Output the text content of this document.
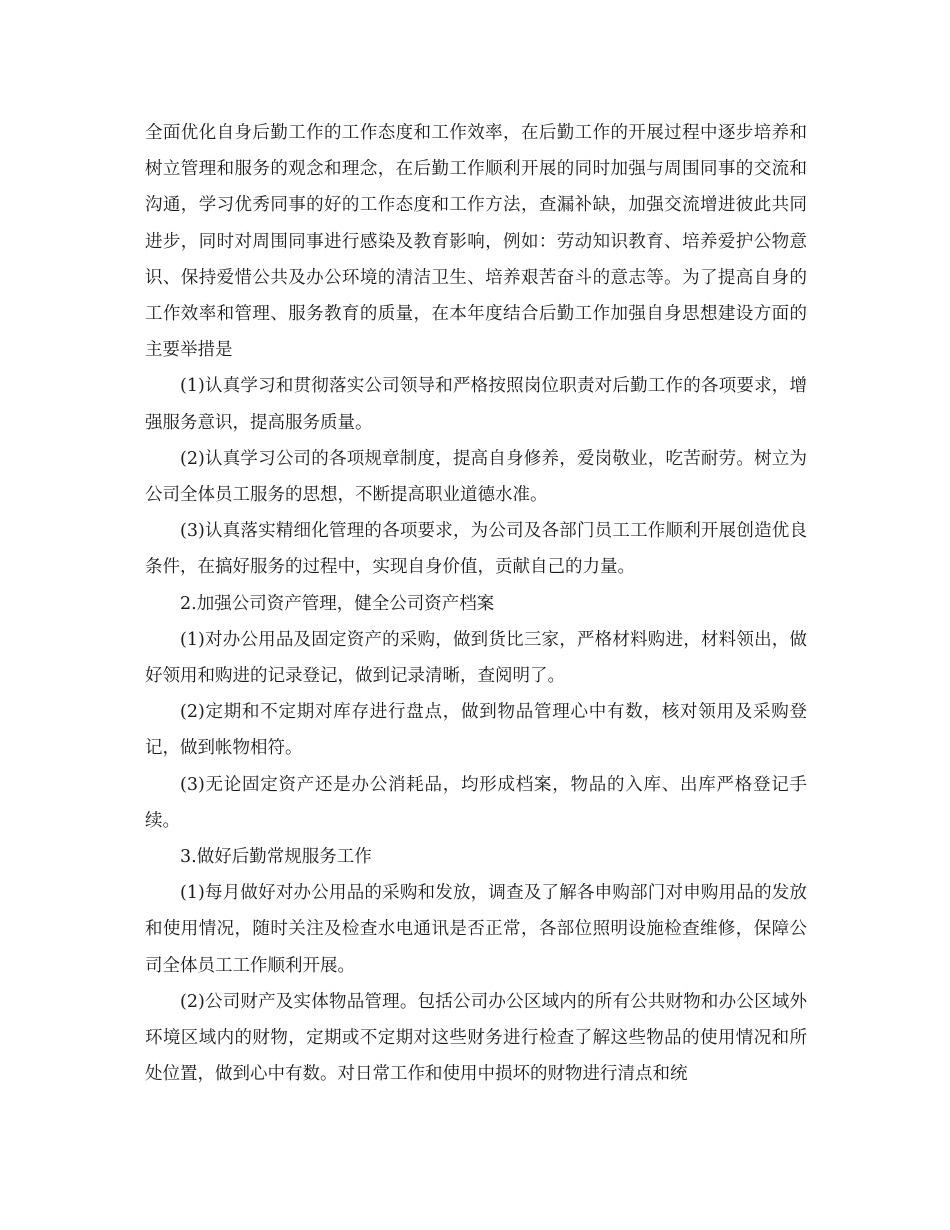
全面优化自身后勤工作的工作态度和工作效率，在后勤工作的开展过程中逐步培养和树立管理和服务的观念和理念，在后勤工作顺利开展的同时加强与周围同事的交流和沟通，学习优秀同事的好的工作态度和工作方法，查漏补缺，加强交流增进彼此共同进步，同时对周围同事进行感染及教育影响，例如：劳动知识教育、培养爱护公物意识、保持爱惜公共及办公环境的清洁卫生、培养艰苦奋斗的意志等。为了提高自身的工作效率和管理、服务教育的质量，在本年度结合后勤工作加强自身思想建设方面的主要举措是

(1)认真学习和贯彻落实公司领导和严格按照岗位职责对后勤工作的各项要求，增强服务意识，提高服务质量。

(2)认真学习公司的各项规章制度，提高自身修养，爱岗敬业，吃苦耐劳。树立为公司全体员工服务的思想，不断提高职业道德水准。

(3)认真落实精细化管理的各项要求，为公司及各部门员工工作顺利开展创造优良条件，在搞好服务的过程中，实现自身价值，贡献自己的力量。

2.加强公司资产管理，健全公司资产档案

(1)对办公用品及固定资产的采购，做到货比三家，严格材料购进，材料领出，做好领用和购进的记录登记，做到记录清晰，查阅明了。

(2)定期和不定期对库存进行盘点，做到物品管理心中有数，核对领用及采购登记，做到帐物相符。

(3)无论固定资产还是办公消耗品，均形成档案，物品的入库、出库严格登记手续。

3.做好后勤常规服务工作

(1)每月做好对办公用品的采购和发放，调查及了解各申购部门对申购用品的发放和使用情况，随时关注及检查水电通讯是否正常，各部位照明设施检查维修，保障公司全体员工工作顺利开展。

(2)公司财产及实体物品管理。包括公司办公区域内的所有公共财物和办公区域外环境区域内的财物，定期或不定期对这些财务进行检查了解这些物品的使用情况和所处位置，做到心中有数。对日常工作和使用中损坏的财物进行清点和统
